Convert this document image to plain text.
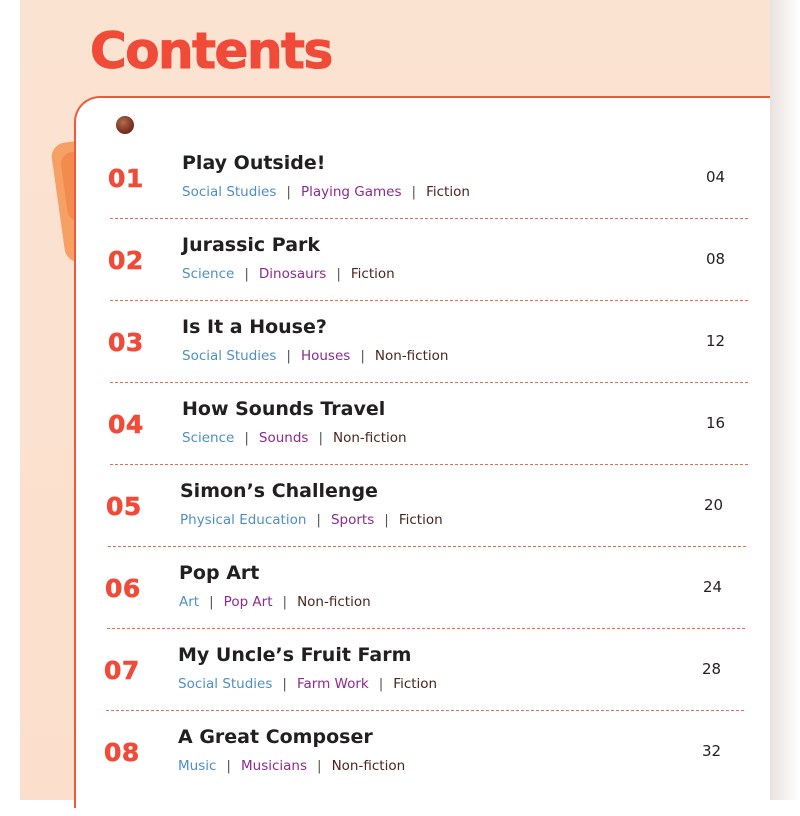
Contents
01
Play Outside!
Social Studies | Playing Games | Fiction
04
02
Jurassic Park
Science | Dinosaurs | Fiction
08
03
Is It a House?
Social Studies | Houses | Non-fiction
12
04
How Sounds Travel
Science | Sounds | Non-fiction
16
05
Simon’s Challenge
Physical Education | Sports | Fiction
20
06
Pop Art
Art | Pop Art | Non-fiction
24
07
My Uncle’s Fruit Farm
Social Studies | Farm Work | Fiction
28
08
A Great Composer
Music | Musicians | Non-fiction
32
